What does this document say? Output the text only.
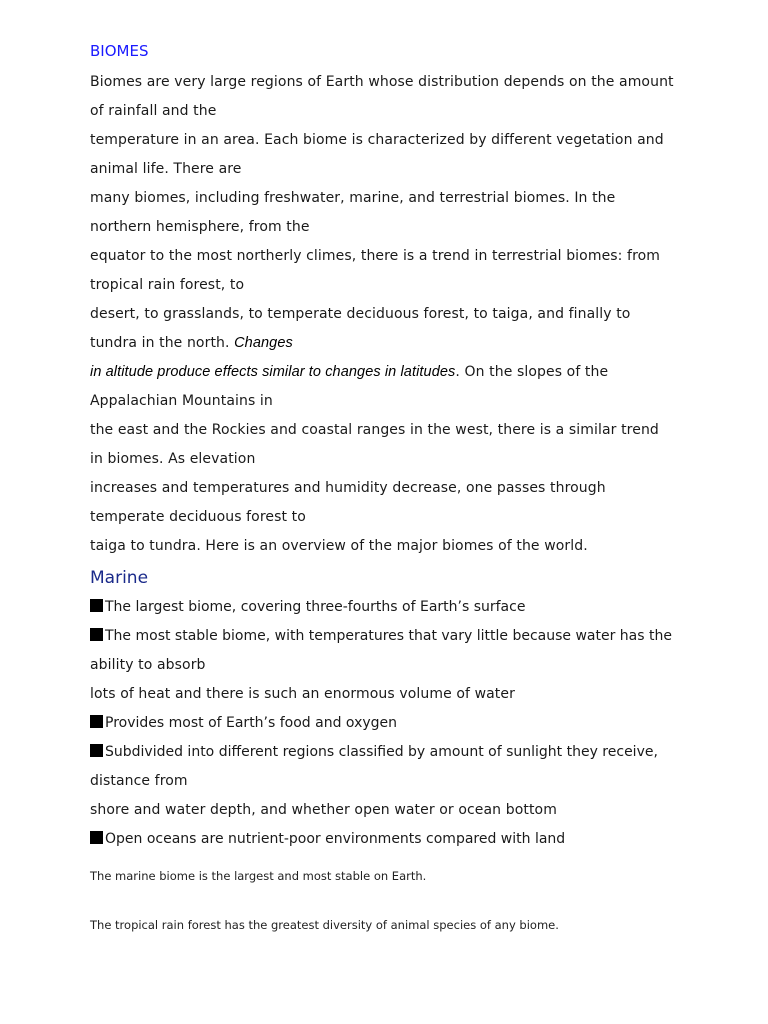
BIOMES
Biomes are very large regions of Earth whose distribution depends on the amount
of rainfall and the
temperature in an area. Each biome is characterized by different vegetation and
animal life. There are
many biomes, including freshwater, marine, and terrestrial biomes. In the
northern hemisphere, from the
equator to the most northerly climes, there is a trend in terrestrial biomes: from
tropical rain forest, to
desert, to grasslands, to temperate deciduous forest, to taiga, and finally to
tundra in the north. Changes
in altitude produce effects similar to changes in latitudes. On the slopes of the
Appalachian Mountains in
the east and the Rockies and coastal ranges in the west, there is a similar trend
in biomes. As elevation
increases and temperatures and humidity decrease, one passes through
temperate deciduous forest to
taiga to tundra. Here is an overview of the major biomes of the world.
Marine
The largest biome, covering three-fourths of Earth’s surface
The most stable biome, with temperatures that vary little because water has the
ability to absorb
lots of heat and there is such an enormous volume of water
Provides most of Earth’s food and oxygen
Subdivided into different regions classified by amount of sunlight they receive,
distance from
shore and water depth, and whether open water or ocean bottom
Open oceans are nutrient-poor environments compared with land
The marine biome is the largest and most stable on Earth.
The tropical rain forest has the greatest diversity of animal species of any biome.
